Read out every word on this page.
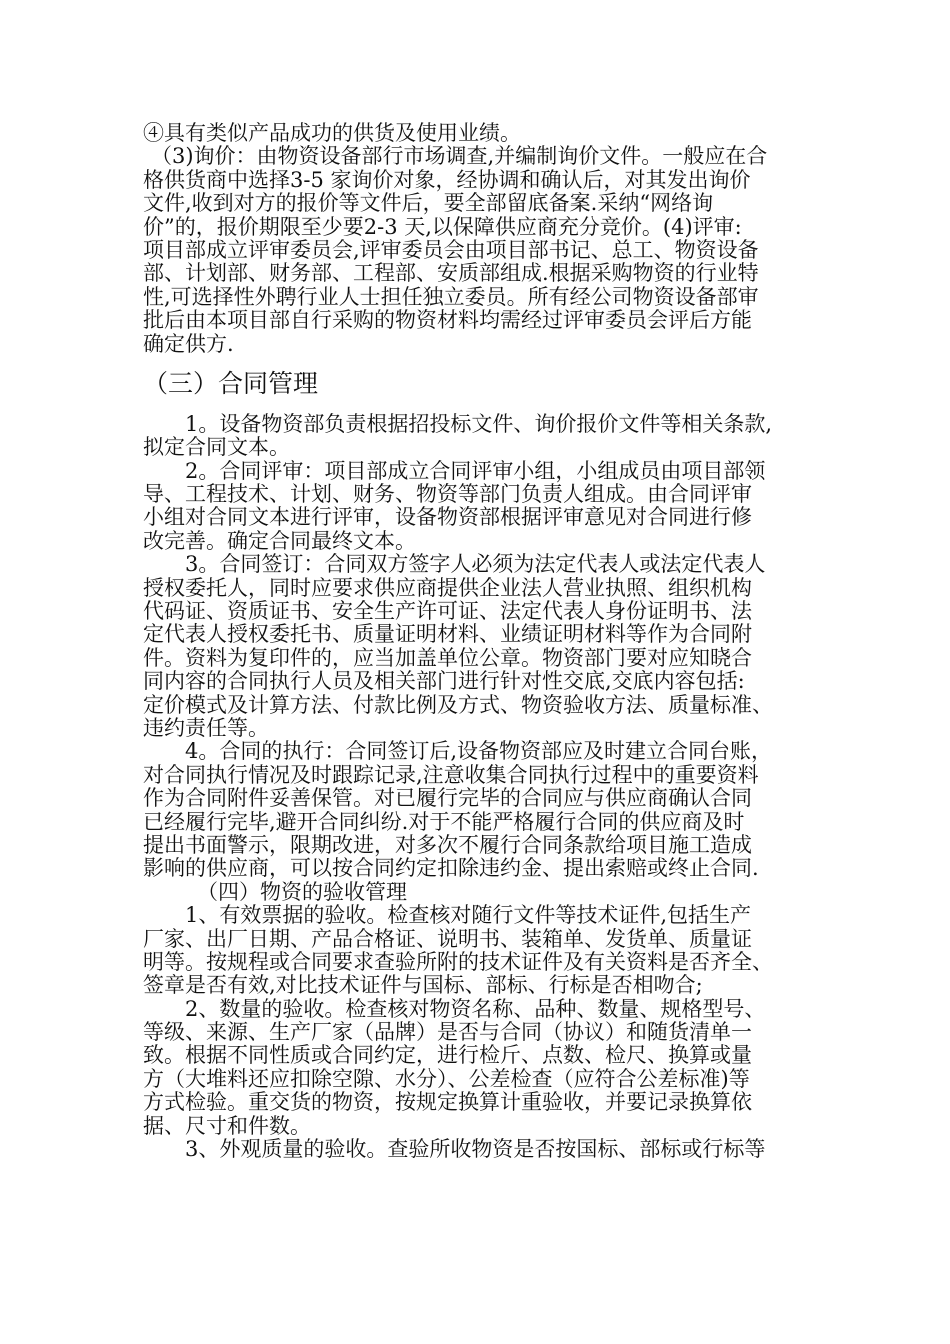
④具有类似产品成功的供货及使用业绩。
（3)询价：由物资设备部行市场调查,并编制询价文件。一般应在合
格供货商中选择3-5 家询价对象，经协调和确认后，对其发出询价
文件,收到对方的报价等文件后，要全部留底备案.采纳“网络询
价”的，报价期限至少要2-3 天,以保障供应商充分竞价。(4)评审:
项目部成立评审委员会,评审委员会由项目部书记、总工、物资设备
部、计划部、财务部、工程部、安质部组成.根据采购物资的行业特
性,可选择性外聘行业人士担任独立委员。所有经公司物资设备部审
批后由本项目部自行采购的物资材料均需经过评审委员会评后方能
确定供方.
（三）合同管理
1。设备物资部负责根据招投标文件、询价报价文件等相关条款,
拟定合同文本。
2。合同评审：项目部成立合同评审小组，小组成员由项目部领
导、工程技术、计划、财务、物资等部门负责人组成。由合同评审
小组对合同文本进行评审，设备物资部根据评审意见对合同进行修
改完善。确定合同最终文本。
3。合同签订：合同双方签字人必须为法定代表人或法定代表人
授权委托人，同时应要求供应商提供企业法人营业执照、组织机构
代码证、资质证书、安全生产许可证、法定代表人身份证明书、法
定代表人授权委托书、质量证明材料、业绩证明材料等作为合同附
件。资料为复印件的，应当加盖单位公章。物资部门要对应知晓合
同内容的合同执行人员及相关部门进行针对性交底,交底内容包括:
定价模式及计算方法、付款比例及方式、物资验收方法、质量标准、
违约责任等。
4。合同的执行：合同签订后,设备物资部应及时建立合同台账，
对合同执行情况及时跟踪记录,注意收集合同执行过程中的重要资料
作为合同附件妥善保管。对已履行完毕的合同应与供应商确认合同
已经履行完毕,避开合同纠纷.对于不能严格履行合同的供应商及时
提出书面警示，限期改进，对多次不履行合同条款给项目施工造成
影响的供应商，可以按合同约定扣除违约金、提出索赔或终止合同.
（四）物资的验收管理
1、有效票据的验收。检查核对随行文件等技术证件,包括生产
厂家、出厂日期、产品合格证、说明书、装箱单、发货单、质量证
明等。按规程或合同要求查验所附的技术证件及有关资料是否齐全、
签章是否有效,对比技术证件与国标、部标、行标是否相吻合;
2、数量的验收。检查核对物资名称、品种、数量、规格型号、
等级、来源、生产厂家（品牌）是否与合同（协议）和随货清单一
致。根据不同性质或合同约定，进行检斤、点数、检尺、换算或量
方（大堆料还应扣除空隙、水分）、公差检查（应符合公差标准)等
方式检验。重交货的物资，按规定换算计重验收，并要记录换算依
据、尺寸和件数。
3、外观质量的验收。查验所收物资是否按国标、部标或行标等
